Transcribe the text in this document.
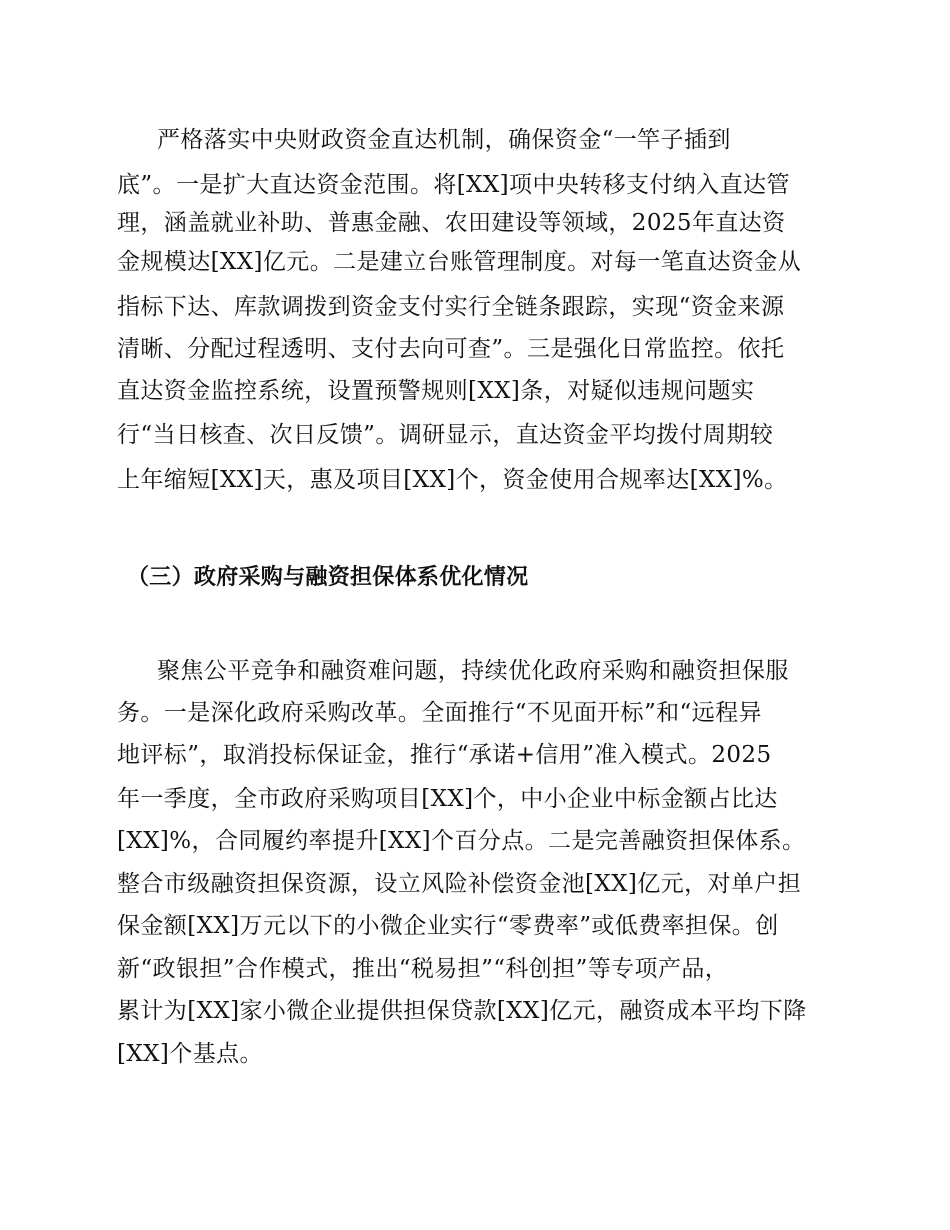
严格落实中央财政资金直达机制，确保资金“一竿子插到

底”。一是扩大直达资金范围。将[XX]项中央转移支付纳入直达管

理，涵盖就业补助、普惠金融、农田建设等领域，2025年直达资

金规模达[XX]亿元。二是建立台账管理制度。对每一笔直达资金从

指标下达、库款调拨到资金支付实行全链条跟踪，实现“资金来源

清晰、分配过程透明、支付去向可查”。三是强化日常监控。依托

直达资金监控系统，设置预警规则[XX]条，对疑似违规问题实

行“当日核查、次日反馈”。调研显示，直达资金平均拨付周期较

上年缩短[XX]天，惠及项目[XX]个，资金使用合规率达[XX]%。

（三）政府采购与融资担保体系优化情况

聚焦公平竞争和融资难问题，持续优化政府采购和融资担保服

务。一是深化政府采购改革。全面推行“不见面开标”和“远程异

地评标”，取消投标保证金，推行“承诺+信用”准入模式。2025

年一季度，全市政府采购项目[XX]个，中小企业中标金额占比达

[XX]%，合同履约率提升[XX]个百分点。二是完善融资担保体系。

整合市级融资担保资源，设立风险补偿资金池[XX]亿元，对单户担

保金额[XX]万元以下的小微企业实行“零费率”或低费率担保。创

新“政银担”合作模式，推出“税易担”“科创担”等专项产品，

累计为[XX]家小微企业提供担保贷款[XX]亿元，融资成本平均下降

[XX]个基点。
